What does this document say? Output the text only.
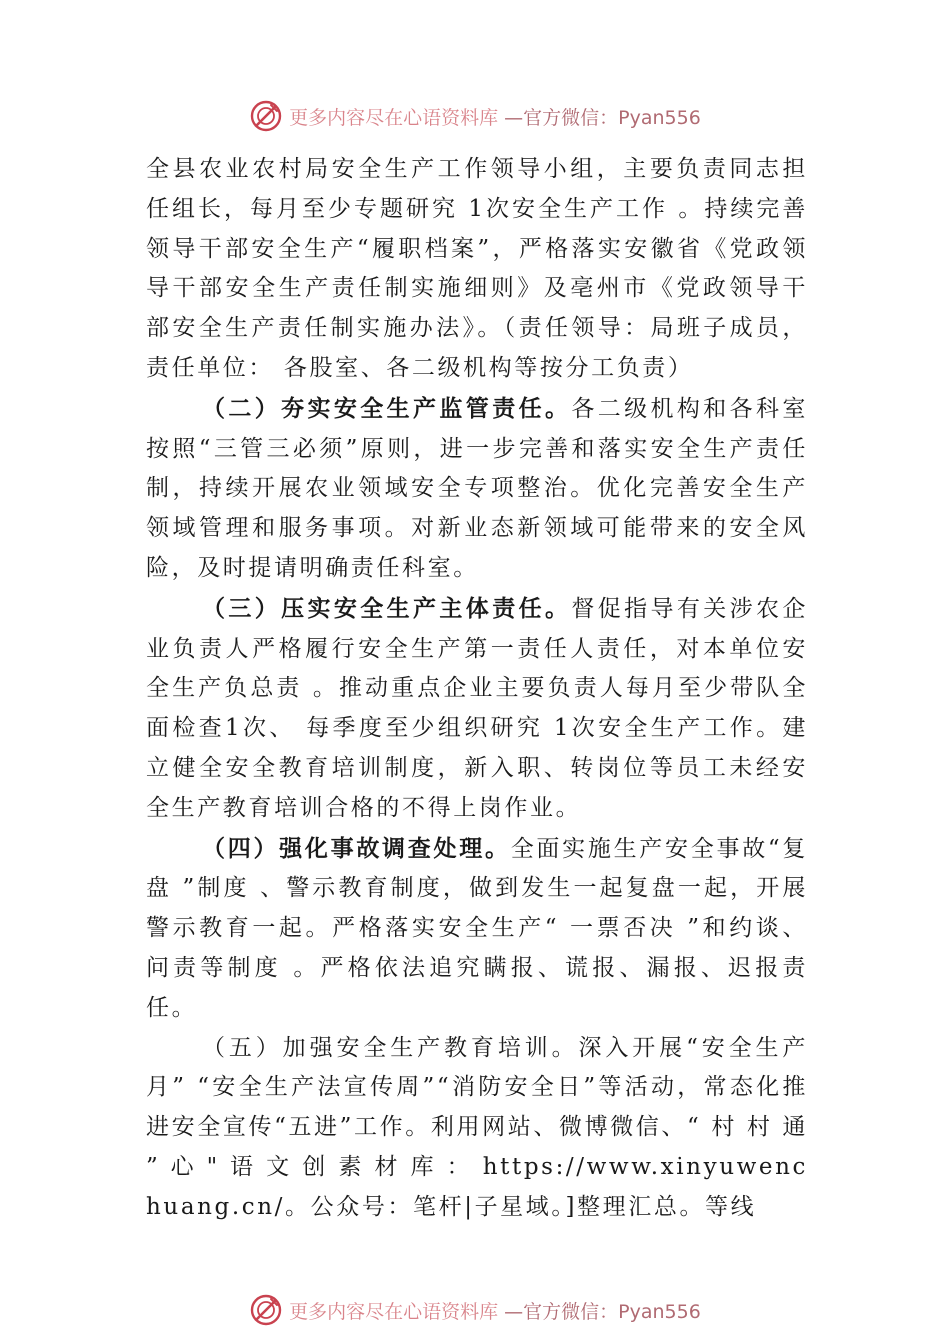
更多内容尽在心语资料库 —官方微信：Pyan556

全县农业农村局安全生产工作领导小组，主要负责同志担任组长，每月至少专题研究 1次安全生产工作 。持续完善领导干部安全生产“履职档案”，严格落实安徽省《党政领导干部安全生产责任制实施细则》及亳州市《党政领导干部安全生产责任制实施办法》。（责任领导：局班子成员，责任单位： 各股室、各二级机构等按分工负责）

（二）夯实安全生产监管责任。各二级机构和各科室按照“三管三必须”原则，进一步完善和落实安全生产责任制，持续开展农业领域安全专项整治。优化完善安全生产领域管理和服务事项。对新业态新领域可能带来的安全风险，及时提请明确责任科室。

（三）压实安全生产主体责任。督促指导有关涉农企业负责人严格履行安全生产第一责任人责任，对本单位安全生产负总责 。推动重点企业主要负责人每月至少带队全面检查1次、 每季度至少组织研究 1次安全生产工作。建立健全安全教育培训制度，新入职、转岗位等员工未经安全生产教育培训合格的不得上岗作业。

（四）强化事故调查处理。全面实施生产安全事故“复盘 ”制度 、警示教育制度，做到发生一起复盘一起，开展警示教育一起。严格落实安全生产“ 一票否决 ”和约谈、问责等制度 。严格依法追究瞒报、谎报、漏报、迟报责任。

（五）加强安全生产教育培训。深入开展“安全生产月” “安全生产法宣传周”“消防安全日”等活动，常态化推进安全宣传“五进”工作。利用网站、微博微信、“ 村 村 通 ” 心 " 语 文 创 素 材 库 ： https://www.xinyuwenchuang.cn/。公众号：笔杆|子星域。]整理汇总。等线

更多内容尽在心语资料库 —官方微信：Pyan556
